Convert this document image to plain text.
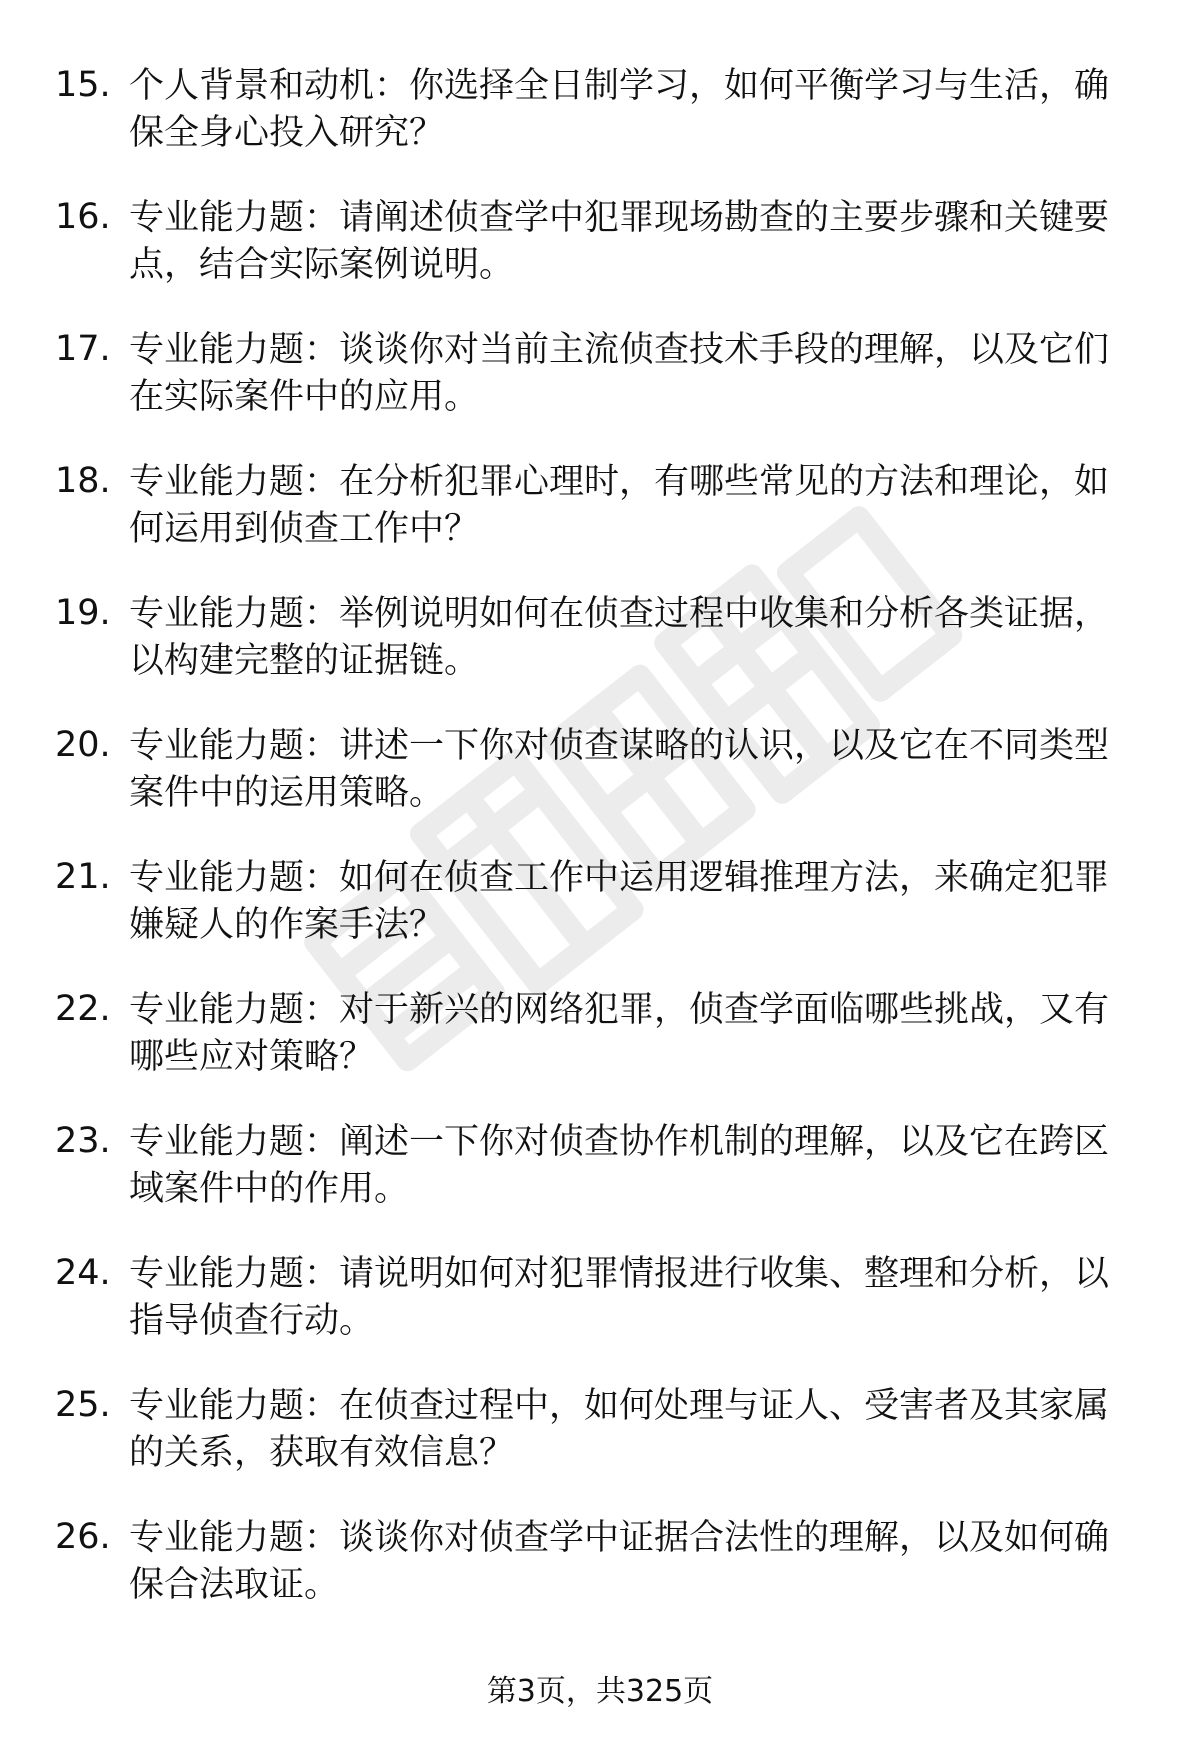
15. 个人背景和动机：你选择全日制学习，如何平衡学习与生活，确保全身心投入研究？
16. 专业能力题：请阐述侦查学中犯罪现场勘查的主要步骤和关键要点，结合实际案例说明。
17. 专业能力题：谈谈你对当前主流侦查技术手段的理解，以及它们在实际案件中的应用。
18. 专业能力题：在分析犯罪心理时，有哪些常见的方法和理论，如何运用到侦查工作中？
19. 专业能力题：举例说明如何在侦查过程中收集和分析各类证据，以构建完整的证据链。
20. 专业能力题：讲述一下你对侦查谋略的认识，以及它在不同类型案件中的运用策略。
21. 专业能力题：如何在侦查工作中运用逻辑推理方法，来确定犯罪嫌疑人的作案手法？
22. 专业能力题：对于新兴的网络犯罪，侦查学面临哪些挑战，又有哪些应对策略？
23. 专业能力题：阐述一下你对侦查协作机制的理解，以及它在跨区域案件中的作用。
24. 专业能力题：请说明如何对犯罪情报进行收集、整理和分析，以指导侦查行动。
25. 专业能力题：在侦查过程中，如何处理与证人、受害者及其家属的关系，获取有效信息？
26. 专业能力题：谈谈你对侦查学中证据合法性的理解，以及如何确保合法取证。
第3页，共325页
